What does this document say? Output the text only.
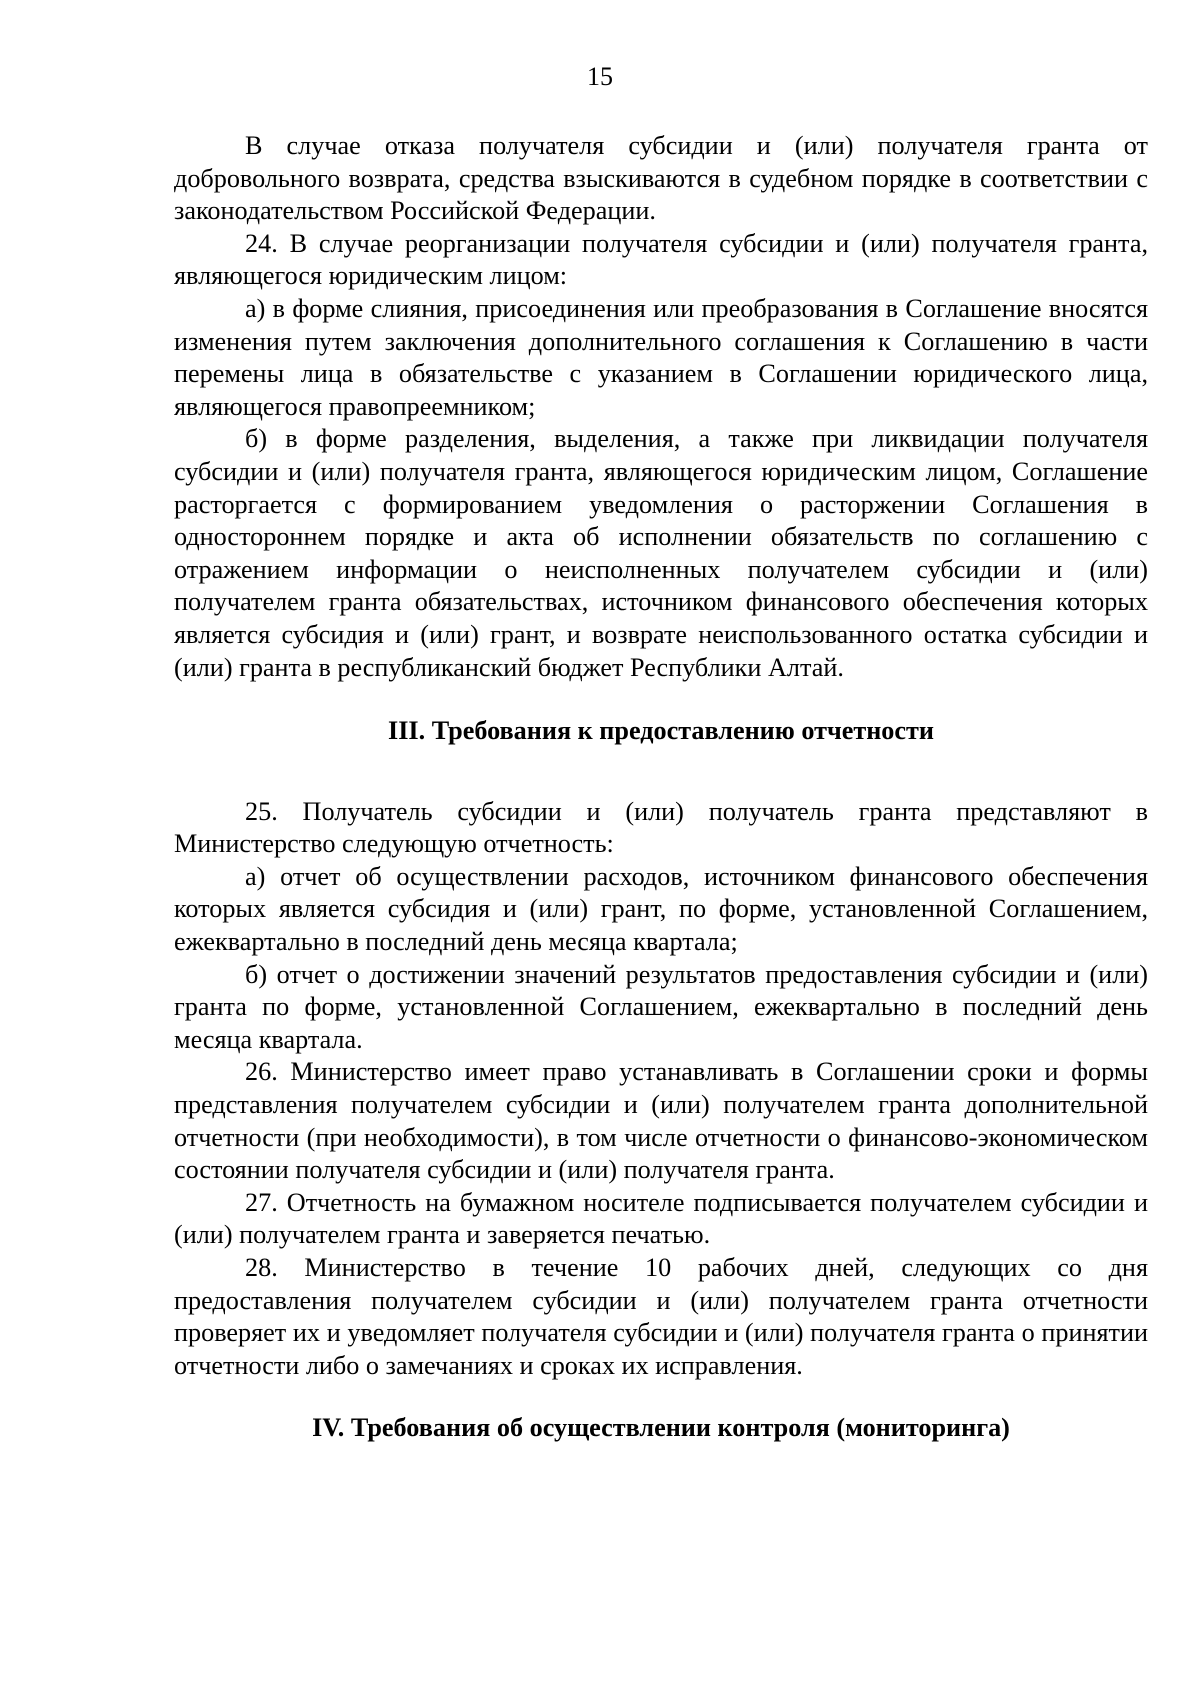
15

В случае отказа получателя субсидии и (или) получателя гранта от добровольного возврата, средства взыскиваются в судебном порядке в соответствии с законодательством Российской Федерации.

24. В случае реорганизации получателя субсидии и (или) получателя гранта, являющегося юридическим лицом:

а) в форме слияния, присоединения или преобразования в Соглашение вносятся изменения путем заключения дополнительного соглашения к Соглашению в части перемены лица в обязательстве с указанием в Соглашении юридического лица, являющегося правопреемником;

б) в форме разделения, выделения, а также при ликвидации получателя субсидии и (или) получателя гранта, являющегося юридическим лицом, Соглашение расторгается с формированием уведомления о расторжении Соглашения в одностороннем порядке и акта об исполнении обязательств по соглашению с отражением информации о неисполненных получателем субсидии и (или) получателем гранта обязательствах, источником финансового обеспечения которых является субсидия и (или) грант, и возврате неиспользованного остатка субсидии и (или) гранта в республиканский бюджет Республики Алтай.

III. Требования к предоставлению отчетности

25. Получатель субсидии и (или) получатель гранта представляют в Министерство следующую отчетность:

а) отчет об осуществлении расходов, источником финансового обеспечения которых является субсидия и (или) грант, по форме, установленной Соглашением, ежеквартально в последний день месяца квартала;

б) отчет о достижении значений результатов предоставления субсидии и (или) гранта по форме, установленной Соглашением, ежеквартально в последний день месяца квартала.

26. Министерство имеет право устанавливать в Соглашении сроки и формы представления получателем субсидии и (или) получателем гранта дополнительной отчетности (при необходимости), в том числе отчетности о финансово-экономическом состоянии получателя субсидии и (или) получателя гранта.

27. Отчетность на бумажном носителе подписывается получателем субсидии и (или) получателем гранта и заверяется печатью.

28. Министерство в течение 10 рабочих дней, следующих со дня предоставления получателем субсидии и (или) получателем гранта отчетности проверяет их и уведомляет получателя субсидии и (или) получателя гранта о принятии отчетности либо о замечаниях и сроках их исправления.

IV. Требования об осуществлении контроля (мониторинга)
